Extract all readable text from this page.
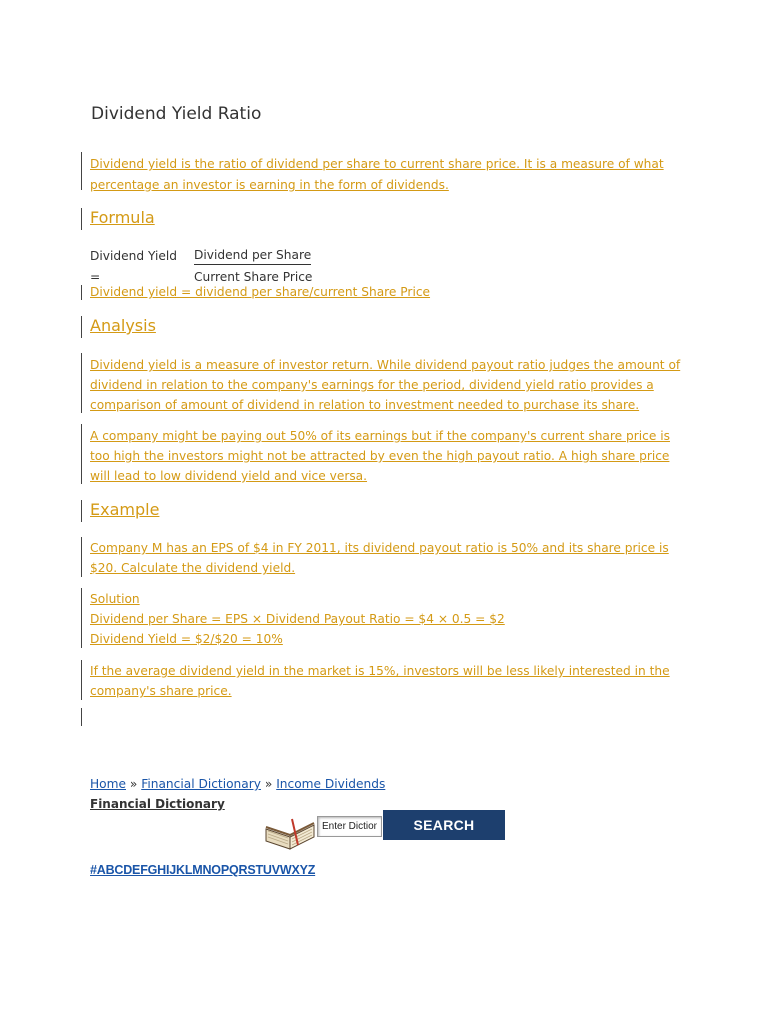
Dividend Yield Ratio
Dividend yield is the ratio of dividend per share to current share price. It is a measure of what
percentage an investor is earning in the form of dividends.
Formula
Dividend Yield
=
Dividend per Share
Current Share Price
Dividend yield = dividend per share/current Share Price
Analysis
Dividend yield is a measure of investor return. While dividend payout ratio judges the amount of
dividend in relation to the company's earnings for the period, dividend yield ratio provides a
comparison of amount of dividend in relation to investment needed to purchase its share.
A company might be paying out 50% of its earnings but if the company's current share price is
too high the investors might not be attracted by even the high payout ratio. A high share price
will lead to low dividend yield and vice versa.
Example
Company M has an EPS of $4 in FY 2011, its dividend payout ratio is 50% and its share price is
$20. Calculate the dividend yield.
Solution
Dividend per Share = EPS × Dividend Payout Ratio = $4 × 0.5 = $2
Dividend Yield = $2/$20 = 10%
If the average dividend yield in the market is 15%, investors will be less likely interested in the
company's share price.
Home » Financial Dictionary » Income Dividends
Financial Dictionary
Enter Dictionary
SEARCH
#ABCDEFGHIJKLMNOPQRSTUVWXYZ
